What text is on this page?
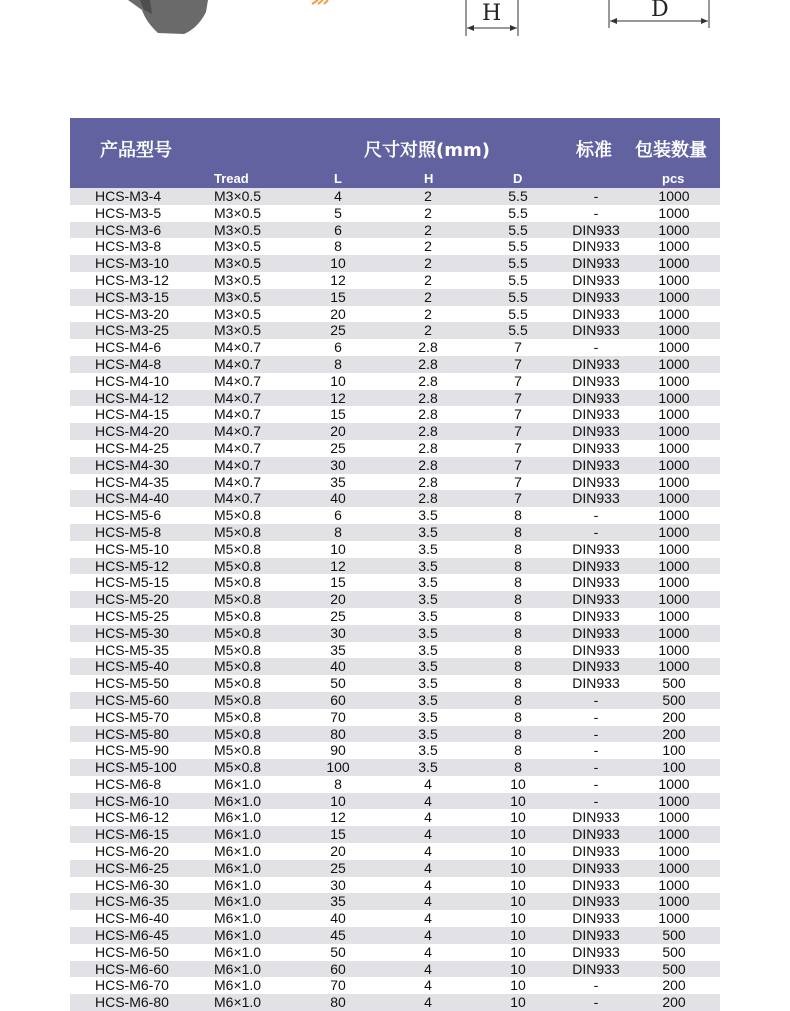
H	D
产品型号	尺寸对照(mm)	标准 包装数量
Tread	L	H	D	pcs
HCS-M3-4	M3×0.5	4	2	5.5	-	1000
HCS-M3-5	M3×0.5	5	2	5.5	-	1000
HCS-M3-6	M3×0.5	6	2	5.5	DIN933	1000
HCS-M3-8	M3×0.5	8	2	5.5	DIN933	1000
HCS-M3-10	M3×0.5	10	2	5.5	DIN933	1000
HCS-M3-12	M3×0.5	12	2	5.5	DIN933	1000
HCS-M3-15	M3×0.5	15	2	5.5	DIN933	1000
HCS-M3-20	M3×0.5	20	2	5.5	DIN933	1000
HCS-M3-25	M3×0.5	25	2	5.5	DIN933	1000
HCS-M4-6	M4×0.7	6	2.8	7	-	1000
HCS-M4-8	M4×0.7	8	2.8	7	DIN933	1000
HCS-M4-10	M4×0.7	10	2.8	7	DIN933	1000
HCS-M4-12	M4×0.7	12	2.8	7	DIN933	1000
HCS-M4-15	M4×0.7	15	2.8	7	DIN933	1000
HCS-M4-20	M4×0.7	20	2.8	7	DIN933	1000
HCS-M4-25	M4×0.7	25	2.8	7	DIN933	1000
HCS-M4-30	M4×0.7	30	2.8	7	DIN933	1000
HCS-M4-35	M4×0.7	35	2.8	7	DIN933	1000
HCS-M4-40	M4×0.7	40	2.8	7	DIN933	1000
HCS-M5-6	M5×0.8	6	3.5	8	-	1000
HCS-M5-8	M5×0.8	8	3.5	8	-	1000
HCS-M5-10	M5×0.8	10	3.5	8	DIN933	1000
HCS-M5-12	M5×0.8	12	3.5	8	DIN933	1000
HCS-M5-15	M5×0.8	15	3.5	8	DIN933	1000
HCS-M5-20	M5×0.8	20	3.5	8	DIN933	1000
HCS-M5-25	M5×0.8	25	3.5	8	DIN933	1000
HCS-M5-30	M5×0.8	30	3.5	8	DIN933	1000
HCS-M5-35	M5×0.8	35	3.5	8	DIN933	1000
HCS-M5-40	M5×0.8	40	3.5	8	DIN933	1000
HCS-M5-50	M5×0.8	50	3.5	8	DIN933	500
HCS-M5-60	M5×0.8	60	3.5	8	-	500
HCS-M5-70	M5×0.8	70	3.5	8	-	200
HCS-M5-80	M5×0.8	80	3.5	8	-	200
HCS-M5-90	M5×0.8	90	3.5	8	-	100
HCS-M5-100	M5×0.8	100	3.5	8	-	100
HCS-M6-8	M6×1.0	8	4	10	-	1000
HCS-M6-10	M6×1.0	10	4	10	-	1000
HCS-M6-12	M6×1.0	12	4	10	DIN933	1000
HCS-M6-15	M6×1.0	15	4	10	DIN933	1000
HCS-M6-20	M6×1.0	20	4	10	DIN933	1000
HCS-M6-25	M6×1.0	25	4	10	DIN933	1000
HCS-M6-30	M6×1.0	30	4	10	DIN933	1000
HCS-M6-35	M6×1.0	35	4	10	DIN933	1000
HCS-M6-40	M6×1.0	40	4	10	DIN933	1000
HCS-M6-45	M6×1.0	45	4	10	DIN933	500
HCS-M6-50	M6×1.0	50	4	10	DIN933	500
HCS-M6-60	M6×1.0	60	4	10	DIN933	500
HCS-M6-70	M6×1.0	70	4	10	-	200
HCS-M6-80	M6×1.0	80	4	10	-	200
